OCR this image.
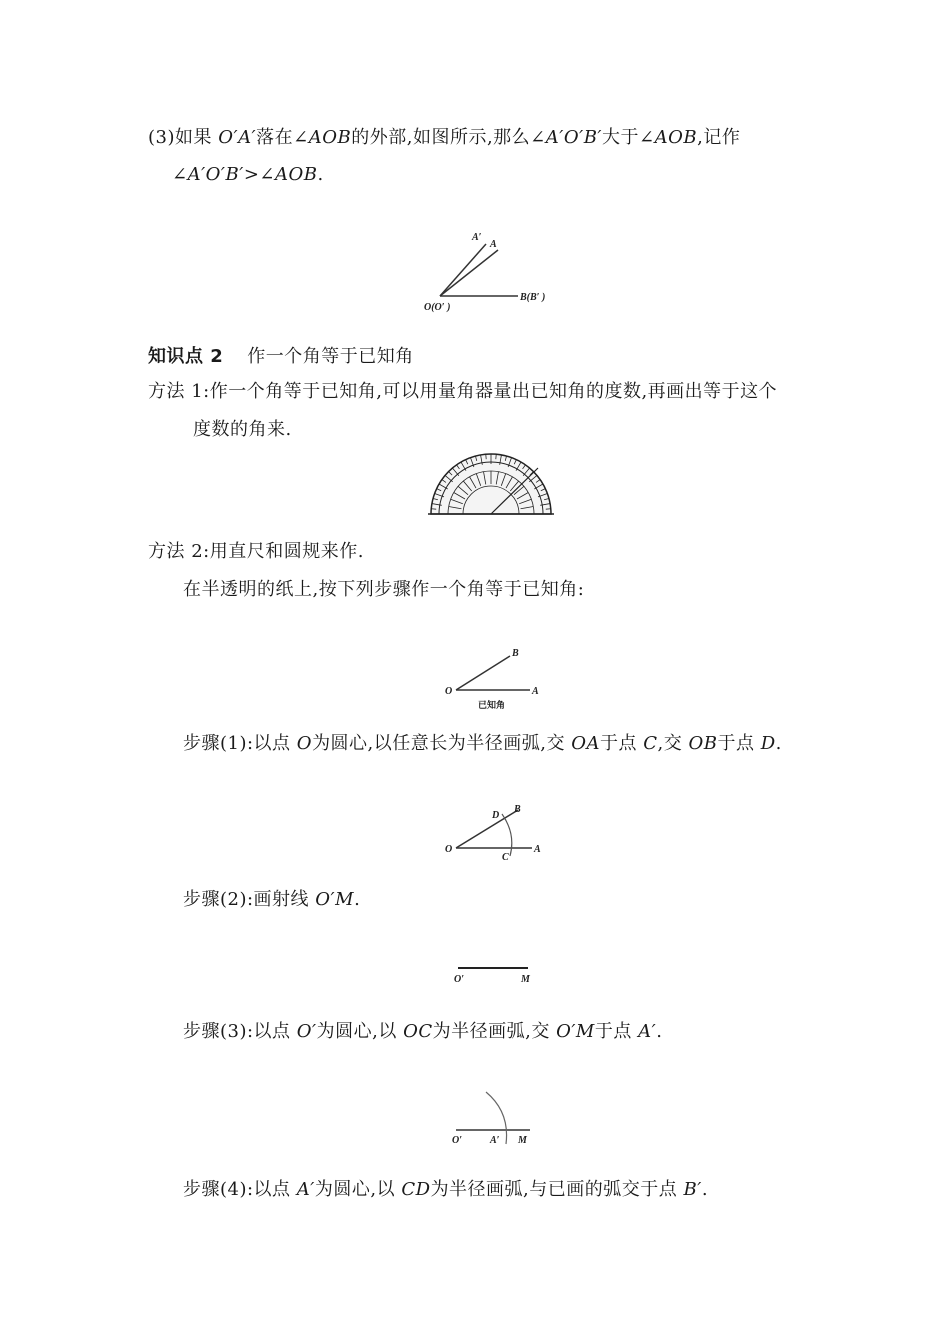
(3)如果 O′A′落在∠AOB的外部,如图所示,那么∠A′O′B′大于∠AOB,记作
∠A′O′B′>∠AOB.
A′
A
O(O′ )
B(B′ )
知识点 2 作一个角等于已知角
方法 1:作一个角等于已知角,可以用量角器量出已知角的度数,再画出等于这个
度数的角来.
方法 2:用直尺和圆规来作.
在半透明的纸上,按下列步骤作一个角等于已知角:
B
O	A
已知角
步骤(1):以点 O为圆心,以任意长为半径画弧,交 OA于点 C,交 OB于点 D.
D
B
O
C
A
步骤(2):画射线 O′M.
O′	M
步骤(3):以点 O′为圆心,以 OC为半径画弧,交 O′M于点 A′.
O′	A′ M
步骤(4):以点 A′为圆心,以 CD为半径画弧,与已画的弧交于点 B′.
